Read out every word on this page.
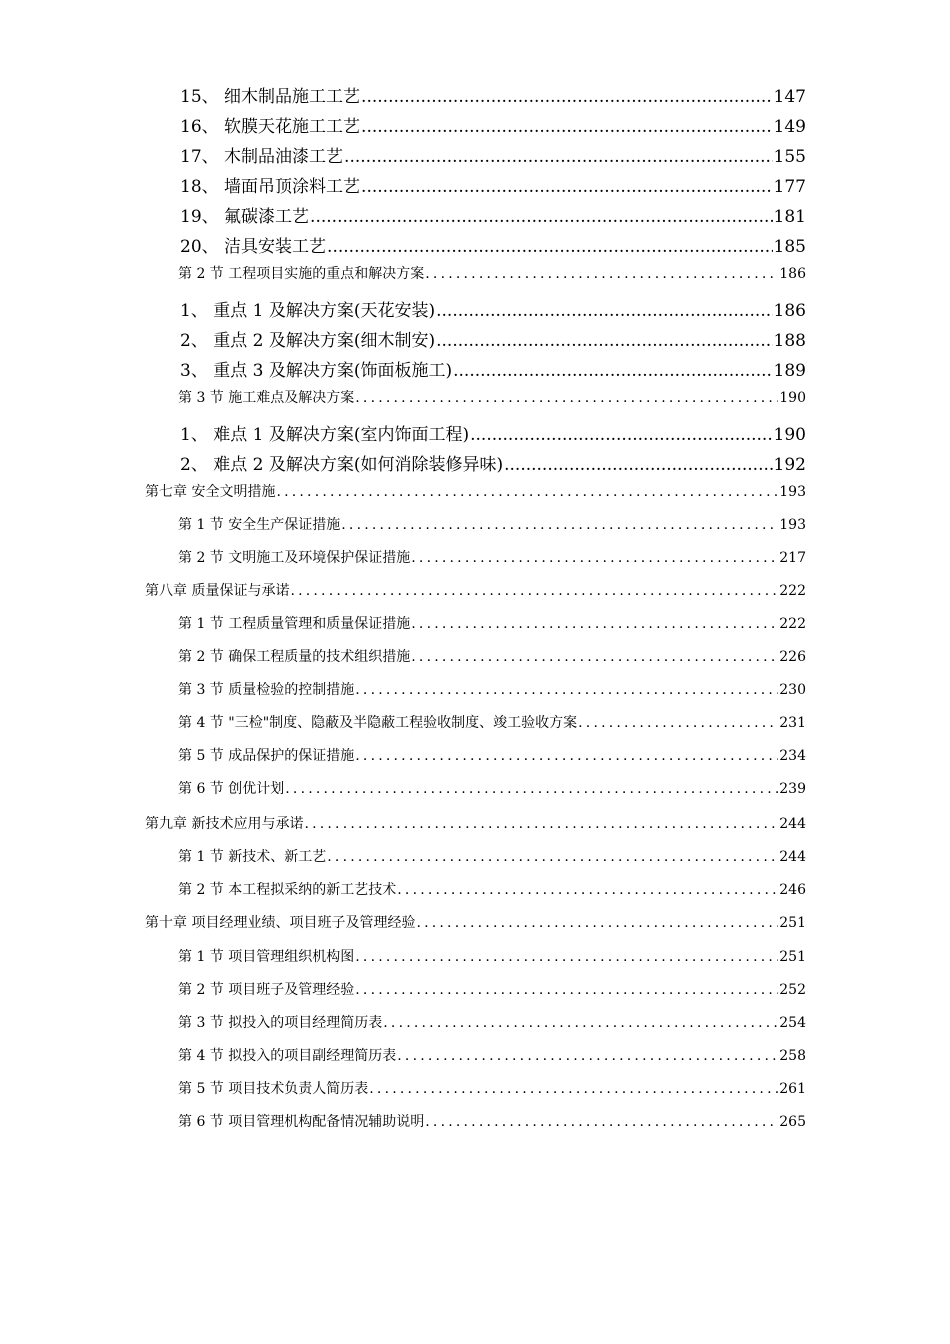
15、 细木制品施工工艺 .....	147
16、 软膜天花施工工艺 .....	149
17、 木制品油漆工艺 .....	155
18、 墙面吊顶涂料工艺 .....	177
19、 氟碳漆工艺 .....	181
20、 洁具安装工艺 .....	185
第 2 节 工程项目实施的重点和解决方案 .....	186
1、 重点 1 及解决方案(天花安装) .....	186
2、 重点 2 及解决方案(细木制安) .....	188
3、 重点 3 及解决方案(饰面板施工) .....	189
第 3 节 施工难点及解决方案 .....	190
1、 难点 1 及解决方案(室内饰面工程) .....	190
2、 难点 2 及解决方案(如何消除装修异味) .....	192
第七章 安全文明措施 .....	193
第 1 节 安全生产保证措施 .....	193
第 2 节 文明施工及环境保护保证措施 .....	217
第八章 质量保证与承诺 .....	222
第 1 节 工程质量管理和质量保证措施 .....	222
第 2 节 确保工程质量的技术组织措施 .....	226
第 3 节 质量检验的控制措施 .....	230
第 4 节 "三检"制度、隐蔽及半隐蔽工程验收制度、竣工验收方案 .....	231
第 5 节 成品保护的保证措施 .....	234
第 6 节 创优计划 .....	239
第九章 新技术应用与承诺 .....	244
第 1 节 新技术、新工艺 .....	244
第 2 节 本工程拟采纳的新工艺技术 .....	246
第十章 项目经理业绩、项目班子及管理经验 .....	251
第 1 节 项目管理组织机构图 .....	251
第 2 节 项目班子及管理经验 .....	252
第 3 节 拟投入的项目经理简历表 .....	254
第 4 节 拟投入的项目副经理简历表 .....	258
第 5 节 项目技术负责人简历表 .....	261
第 6 节 项目管理机构配备情况辅助说明 .....	265
